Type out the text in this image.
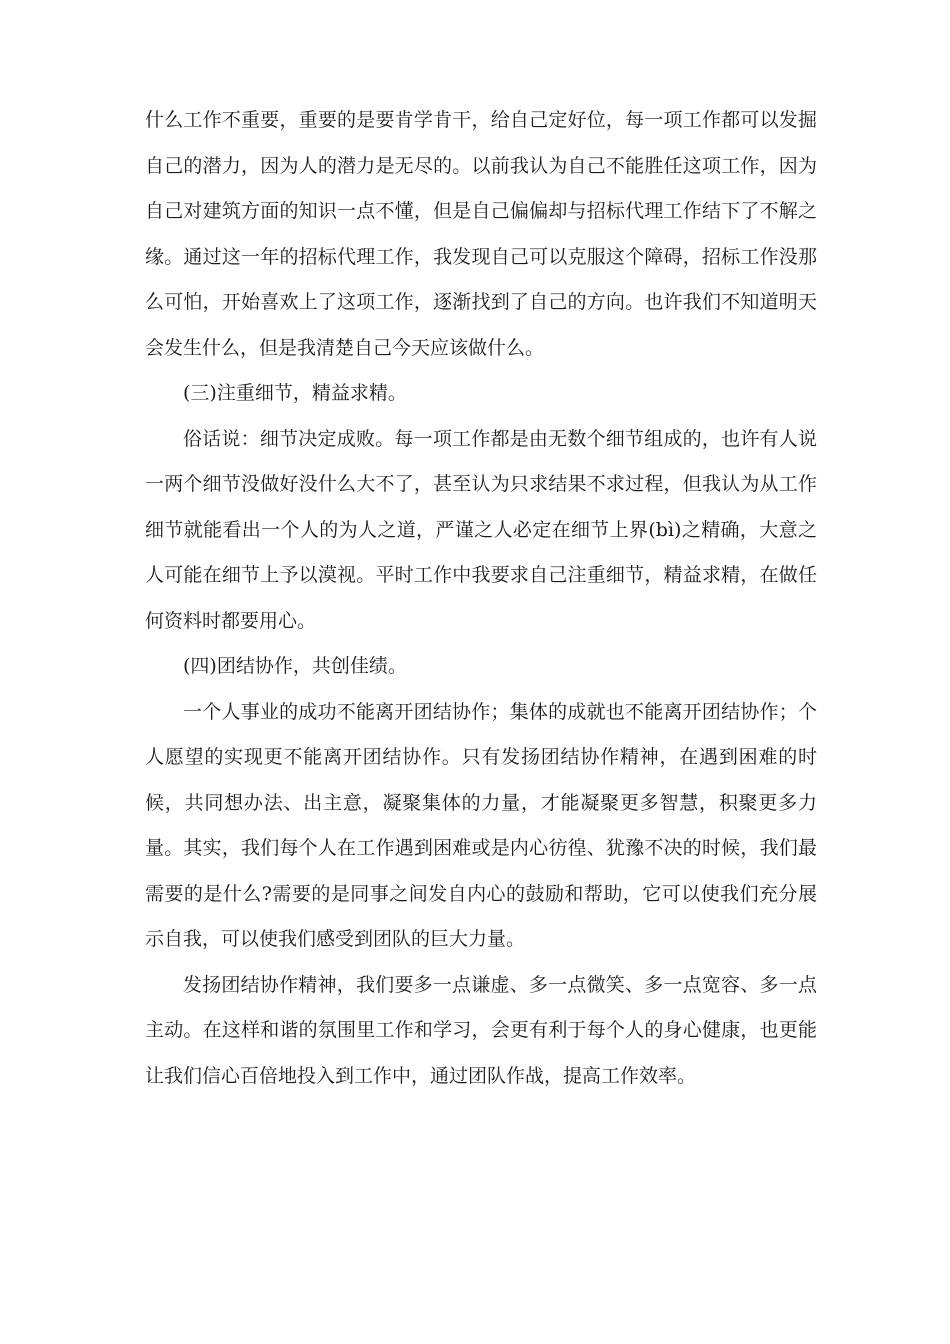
什么工作不重要，重要的是要肯学肯干，给自己定好位，每一项工作都可以发掘自己的潜力，因为人的潜力是无尽的。以前我认为自己不能胜任这项工作，因为自己对建筑方面的知识一点不懂，但是自己偏偏却与招标代理工作结下了不解之缘。通过这一年的招标代理工作，我发现自己可以克服这个障碍，招标工作没那么可怕，开始喜欢上了这项工作，逐渐找到了自己的方向。也许我们不知道明天会发生什么，但是我清楚自己今天应该做什么。

(三)注重细节，精益求精。

俗话说：细节决定成败。每一项工作都是由无数个细节组成的，也许有人说一两个细节没做好没什么大不了，甚至认为只求结果不求过程，但我认为从工作细节就能看出一个人的为人之道，严谨之人必定在细节上界(bì)之精确，大意之人可能在细节上予以漠视。平时工作中我要求自己注重细节，精益求精，在做任何资料时都要用心。

(四)团结协作，共创佳绩。

一个人事业的成功不能离开团结协作；集体的成就也不能离开团结协作；个人愿望的实现更不能离开团结协作。只有发扬团结协作精神，在遇到困难的时候，共同想办法、出主意，凝聚集体的力量，才能凝聚更多智慧，积聚更多力量。其实，我们每个人在工作遇到困难或是内心彷徨、犹豫不决的时候，我们最需要的是什么?需要的是同事之间发自内心的鼓励和帮助，它可以使我们充分展示自我，可以使我们感受到团队的巨大力量。

发扬团结协作精神，我们要多一点谦虚、多一点微笑、多一点宽容、多一点主动。在这样和谐的氛围里工作和学习，会更有利于每个人的身心健康，也更能让我们信心百倍地投入到工作中，通过团队作战，提高工作效率。
